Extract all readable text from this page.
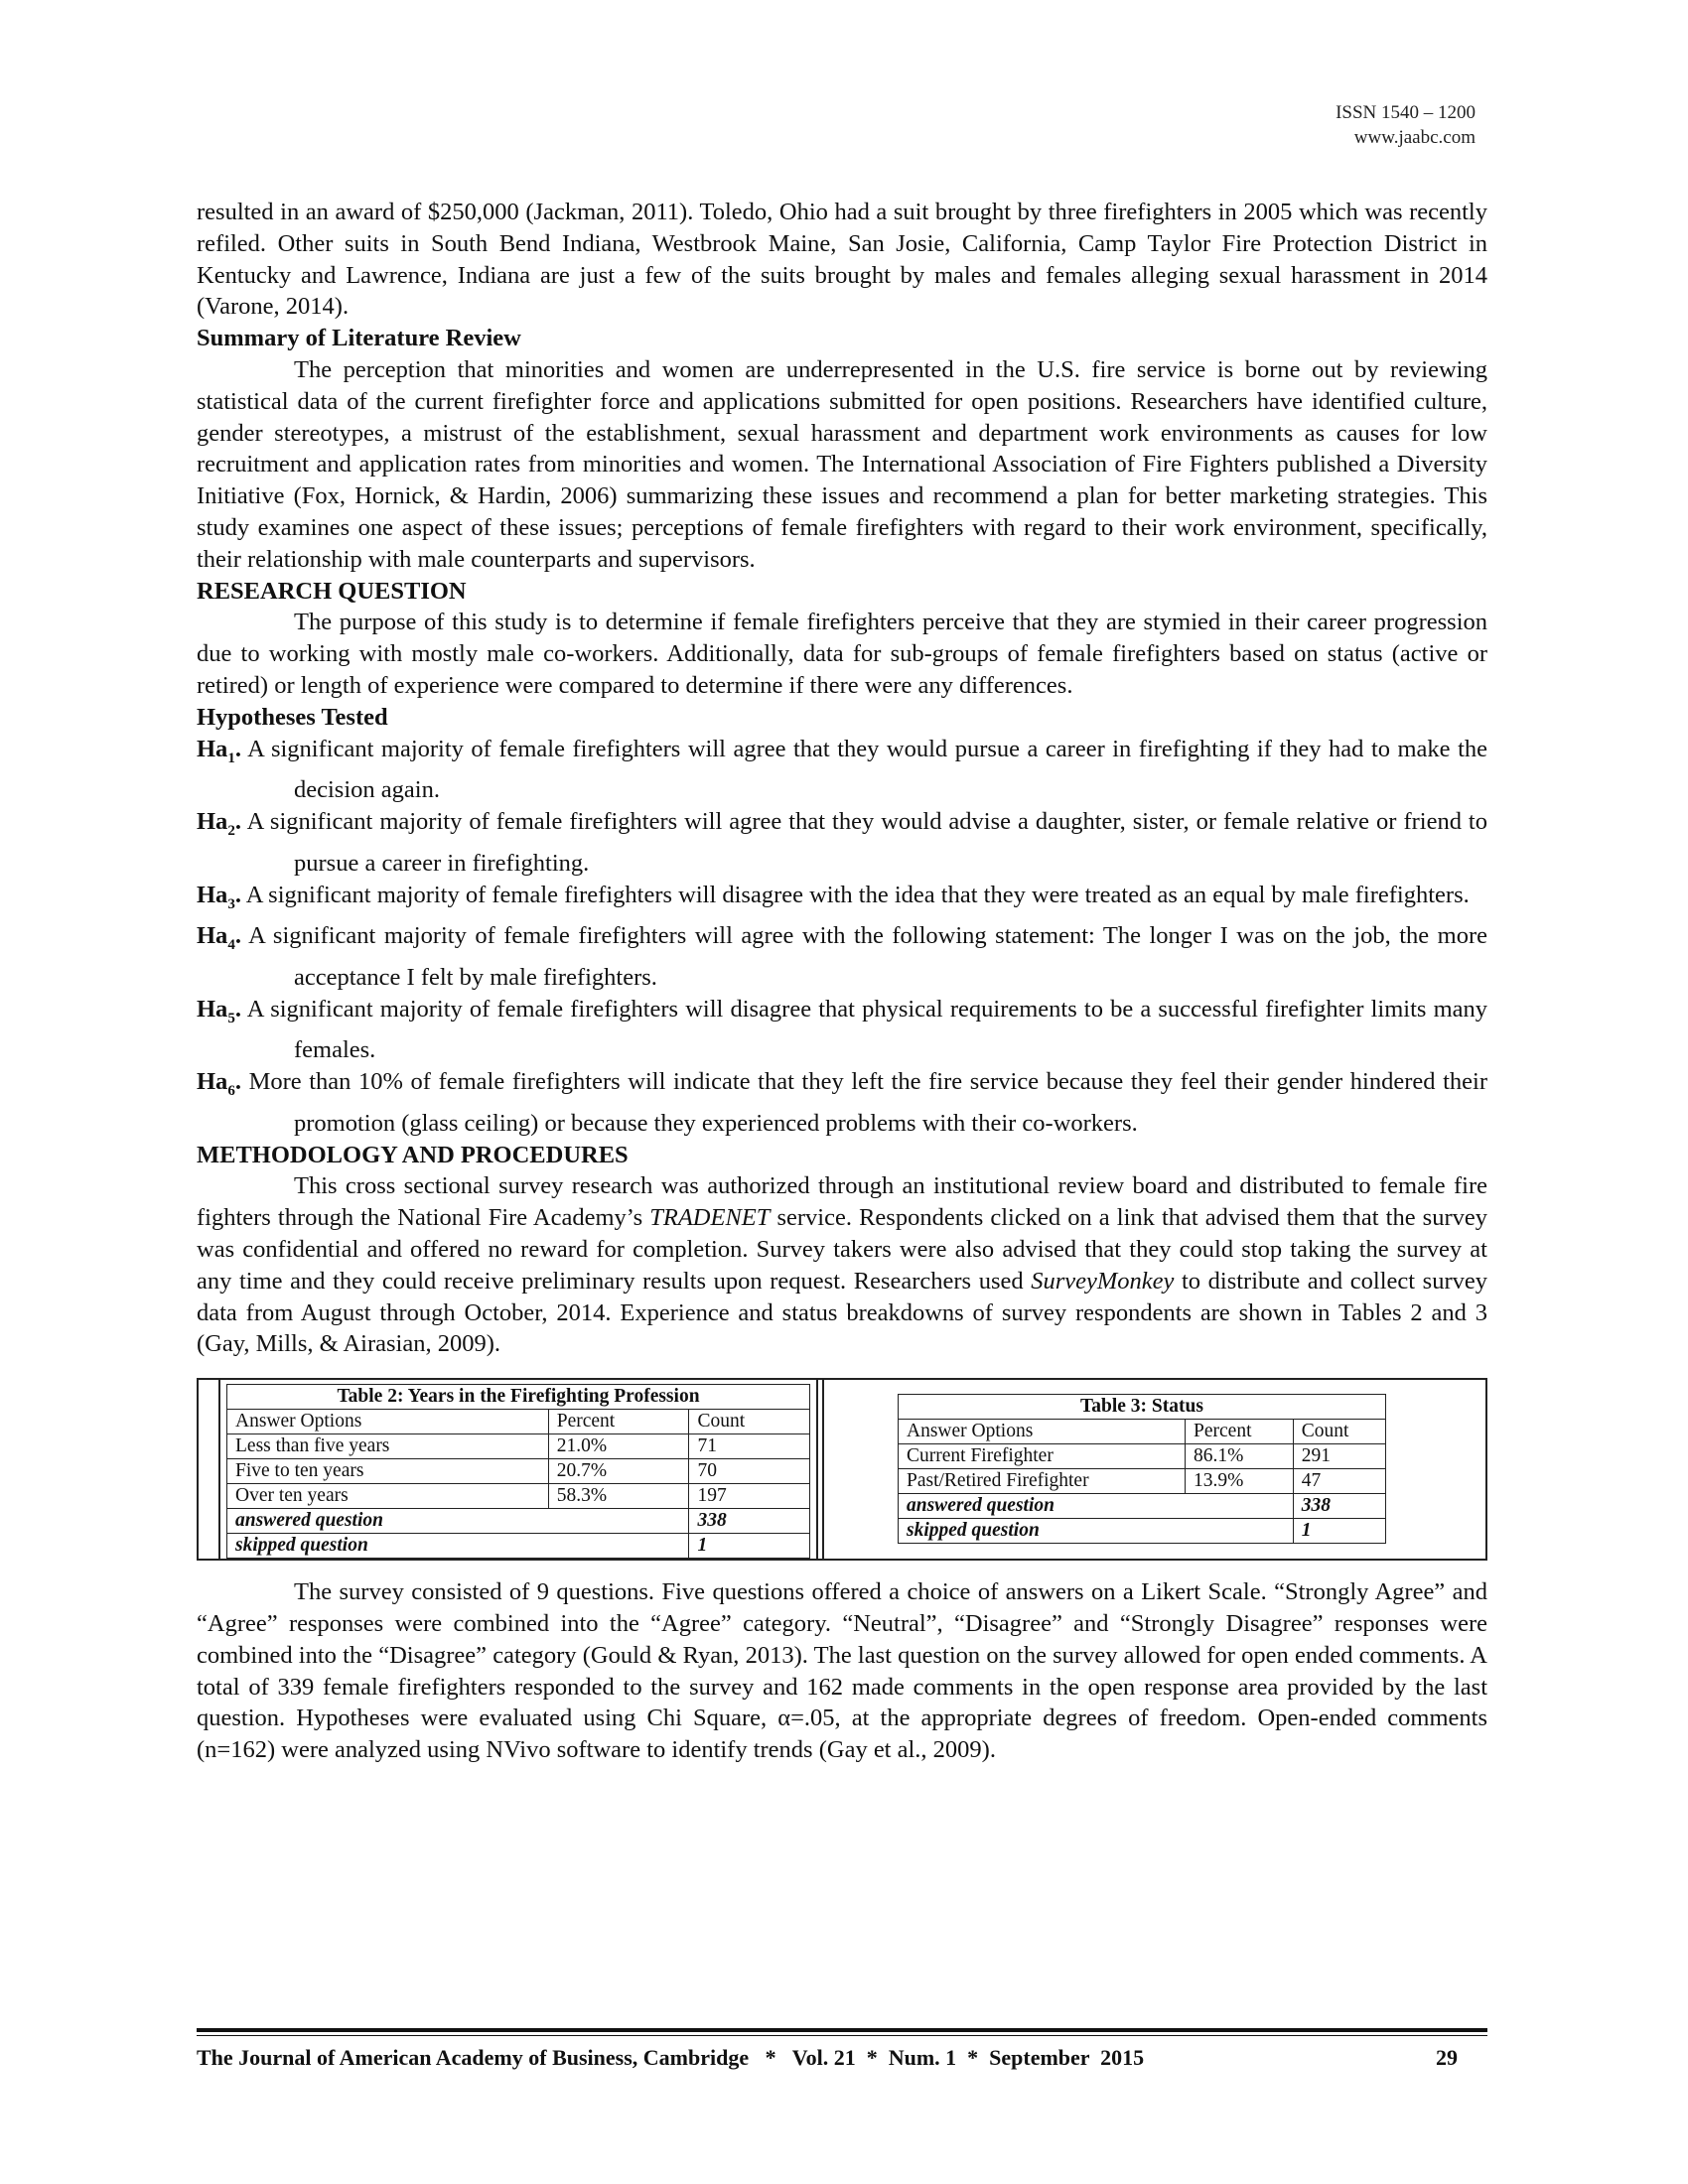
ISSN 1540 – 1200
www.jaabc.com

resulted in an award of $250,000 (Jackman, 2011). Toledo, Ohio had a suit brought by three firefighters in 2005 which was recently refiled. Other suits in South Bend Indiana, Westbrook Maine, San Josie, California, Camp Taylor Fire Protection District in Kentucky and Lawrence, Indiana are just a few of the suits brought by males and females alleging sexual harassment in 2014 (Varone, 2014).

Summary of Literature Review

The perception that minorities and women are underrepresented in the U.S. fire service is borne out by reviewing statistical data of the current firefighter force and applications submitted for open positions. Researchers have identified culture, gender stereotypes, a mistrust of the establishment, sexual harassment and department work environments as causes for low recruitment and application rates from minorities and women. The International Association of Fire Fighters published a Diversity Initiative (Fox, Hornick, & Hardin, 2006) summarizing these issues and recommend a plan for better marketing strategies. This study examines one aspect of these issues; perceptions of female firefighters with regard to their work environment, specifically, their relationship with male counterparts and supervisors.

RESEARCH QUESTION

The purpose of this study is to determine if female firefighters perceive that they are stymied in their career progression due to working with mostly male co-workers. Additionally, data for sub-groups of female firefighters based on status (active or retired) or length of experience were compared to determine if there were any differences.

Hypotheses Tested

$Ha_1$. A significant majority of female firefighters will agree that they would pursue a career in firefighting if they had to make the decision again.

$Ha_2$. A significant majority of female firefighters will agree that they would advise a daughter, sister, or female relative or friend to pursue a career in firefighting.

$Ha_3$. A significant majority of female firefighters will disagree with the idea that they were treated as an equal by male firefighters.

$Ha_4$. A significant majority of female firefighters will agree with the following statement: The longer I was on the job, the more acceptance I felt by male firefighters.

$Ha_5$. A significant majority of female firefighters will disagree that physical requirements to be a successful firefighter limits many females.

$Ha_6$. More than 10% of female firefighters will indicate that they left the fire service because they feel their gender hindered their promotion (glass ceiling) or because they experienced problems with their co-workers.

METHODOLOGY AND PROCEDURES

This cross sectional survey research was authorized through an institutional review board and distributed to female fire fighters through the National Fire Academy’s TRADENET service. Respondents clicked on a link that advised them that the survey was confidential and offered no reward for completion. Survey takers were also advised that they could stop taking the survey at any time and they could receive preliminary results upon request. Researchers used SurveyMonkey to distribute and collect survey data from August through October, 2014. Experience and status breakdowns of survey respondents are shown in Tables 2 and 3 (Gay, Mills, & Airasian, 2009).

Table 2: Years in the Firefighting Profession		
Answer Options	Percent	Count
Less than five years	21.0%	71
Five to ten years	20.7%	70
Over ten years	58.3%	197
answered question		338
skipped question		1
Table 3: Status		
Answer Options	Percent	Count
Current Firefighter	86.1%	291
Past/Retired Firefighter	13.9%	47
answered question		338
skipped question		1

The survey consisted of 9 questions. Five questions offered a choice of answers on a Likert Scale. “Strongly Agree” and “Agree” responses were combined into the “Agree” category. “Neutral”, “Disagree” and “Strongly Disagree” responses were combined into the “Disagree” category (Gould & Ryan, 2013). The last question on the survey allowed for open ended comments. A total of 339 female firefighters responded to the survey and 162 made comments in the open response area provided by the last question. Hypotheses were evaluated using Chi Square, α=.05, at the appropriate degrees of freedom. Open-ended comments (n=162) were analyzed using NVivo software to identify trends (Gay et al., 2009).

The Journal of American Academy of Business, Cambridge   *   Vol. 21  *  Num. 1  *  September  2015	29
